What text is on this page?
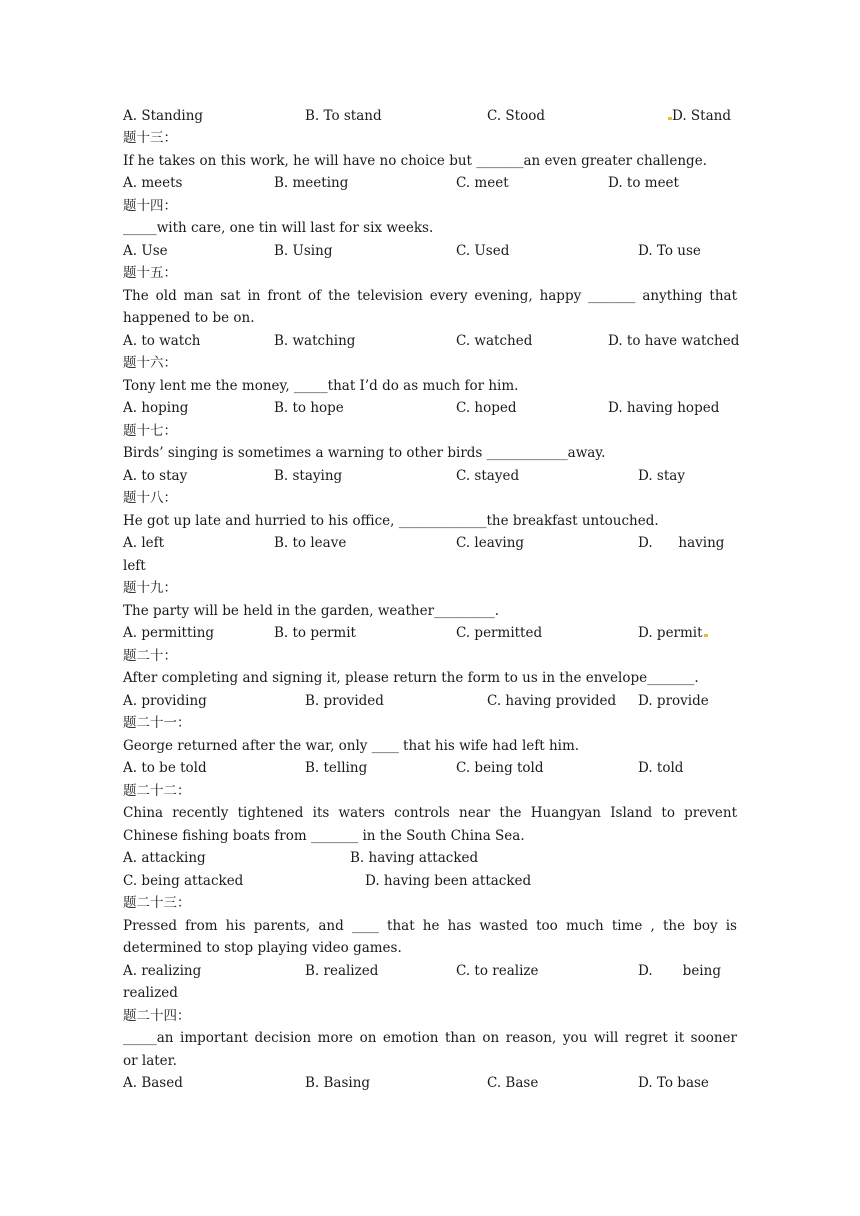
A. Standing	B. To stand	C. Stood	D. Stand
题十三：
If he takes on this work, he will have no choice but _______an even greater challenge.
A. meets	B. meeting	C. meet	D. to meet
题十四：
_____with care, one tin will last for six weeks.
A. Use	B. Using	C. Used	D. To use
题十五：
The old man sat in front of the television every evening, happy _______ anything that
happened to be on.
A. to watch	B. watching	C. watched	D. to have watched
题十六：
Tony lent me the money, _____that I’d do as much for him.
A. hoping	B. to hope	C. hoped	D. having hoped
题十七：
Birds’ singing is sometimes a warning to other birds ____________away.
A. to stay	B. staying	C. stayed	D. stay
题十八：
He got up late and hurried to his office, _____________the breakfast untouched.
A. left	B. to leave	C. leaving	D.      having
left
题十九：
The party will be held in the garden, weather_________.
A. permitting	B. to permit	C. permitted	D. permit
题二十：
After completing and signing it, please return the form to us in the envelope_______.
A. providing	B. provided	C. having provided D. provide
题二十一：
George returned after the war, only ____ that his wife had left him.
A. to be told	B. telling	C. being told	D. told
题二十二：
China recently tightened its waters controls near the Huangyan Island to prevent
Chinese fishing boats from _______ in the South China Sea.
A. attacking	B. having attacked
C. being attacked	D. having been attacked
题二十三：
Pressed from his parents, and ____ that he has wasted too much time , the boy is
determined to stop playing video games.
A. realizing	B. realized	C. to realize	D.       being
realized
题二十四：
_____an important decision more on emotion than on reason, you will regret it sooner
or later.
A. Based	B. Basing	C. Base	D. To base
